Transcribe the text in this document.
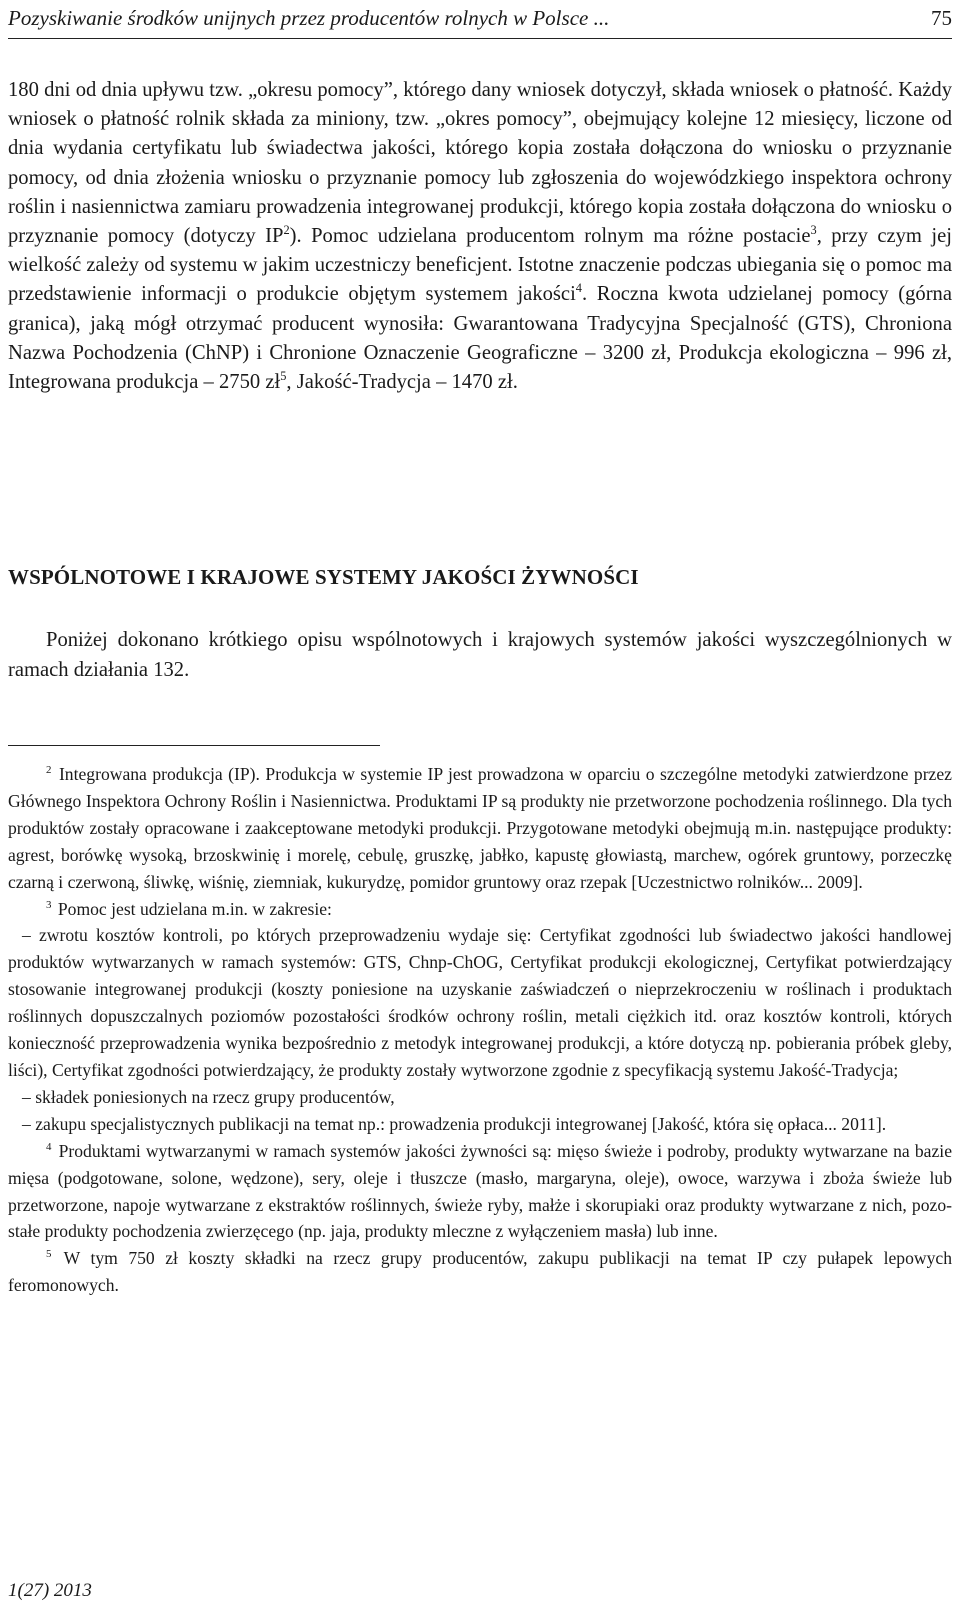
Pozyskiwanie środków unijnych przez producentów rolnych w Polsce ...	75

180 dni od dnia upływu tzw. „okresu pomocy”, którego dany wniosek dotyczył, składa wniosek o płatność. Każdy wniosek o płatność rolnik składa za miniony, tzw. „okres pomocy”, obejmujący kolejne 12 miesięcy, liczone od dnia wydania certyfikatu lub świadectwa jakości, którego kopia została dołączona do wniosku o przyznanie pomocy, od dnia złożenia wniosku o przyznanie pomocy lub zgłoszenia do wojewódzkiego inspektora ochrony roślin i nasiennictwa zamiaru prowadzenia integrowanej produkcji, którego kopia została dołączona do wniosku o przyznanie pomocy (dotyczy $IP^2$). Pomoc udzielana producentom rolnym ma różne postacie$^3$, przy czym jej wielkość zależy od systemu w jakim uczestniczy beneficjent. Istotne znaczenie podczas ubiegania się o pomoc ma przedstawienie informacji o produkcie objętym systemem jakości$^4$. Roczna kwota udzielanej pomocy (górna granica), jaką mógł otrzymać producent wynosiła: Gwarantowana Tradycyjna Specjalność (GTS), Chroniona Nazwa Pochodzenia (ChNP) i Chronione Oznaczenie Geograficzne – 3200 zł, Produkcja ekologiczna – 996 zł, Integrowana produkcja – 2750 $zł^5$, Jakość-Tradycja – 1470 zł.

WSPÓLNOTOWE I KRAJOWE SYSTEMY JAKOŚCI ŻYWNOŚCI
Poniżej dokonano krótkiego opisu wspólnotowych i krajowych systemów jakości wyszczególnionych w ramach działania 132.

$^2$ Integrowana produkcja (IP). Produkcja w systemie IP jest prowadzona w oparciu o szczególne metodyki zatwierdzone przez Głównego Inspektora Ochrony Roślin i Nasiennictwa. Produktami IP są produkty nie przetworzone pochodzenia roślinnego. Dla tych produktów zostały opracowane i zaakceptowane metodyki produkcji. Przygotowane metodyki obejmują m.in. następujące produkty: agrest, borówkę wysoką, brzoskwinię i morelę, cebulę, gruszkę, jabłko, kapustę głowiastą, marchew, ogórek gruntowy, porzeczkę czarną i czerwoną, śliwkę, wiśnię, ziemniak, kukurydzę, pomidor gruntowy oraz rzepak [Uczestnictwo rolników... 2009].

$^3$ Pomoc jest udzielana m.in. w zakresie:

– zwrotu kosztów kontroli, po których przeprowadzeniu wydaje się: Certyfikat zgodności lub świadectwo jakości handlowej produktów wytwarzanych w ramach systemów: GTS, Chnp-ChOG, Certyfikat produkcji ekologicznej, Certyfikat potwierdzający stosowanie integrowanej produkcji (koszty poniesione na uzyskanie zaświadczeń o nieprzekroczeniu w roślinach i produktach roślinnych dopuszczalnych poziomów pozostałości środków ochrony roślin, metali ciężkich itd. oraz kosztów kontroli, których konieczność przeprowadzenia wynika bezpośrednio z metodyk integrowanej produkcji, a które dotyczą np. pobierania próbek gleby, liści), Certyfikat zgodności potwierdzający, że produkty zostały wytworzone zgodnie z specyfikacją systemu Jakość-Tradycja;

– składek poniesionych na rzecz grupy producentów,

– zakupu specjalistycznych publikacji na temat np.: prowadzenia produkcji integrowanej [Jakość, która się opłaca... 2011].

$^4$ Produktami wytwarzanymi w ramach systemów jakości żywności są: mięso świeże i podroby, produkty wytwarzane na bazie mięsa (podgotowane, solone, wędzone), sery, oleje i tłuszcze (masło, margaryna, oleje), owoce, warzywa i zboża świeże lub przetworzone, napoje wytwarzane z ekstraktów roślinnych, świeże ryby, małże i skorupiaki oraz produkty wytwarzane z nich, pozostałe produkty pochodzenia zwierzęcego (np. jaja, produkty mleczne z wyłączeniem masła) lub inne.

$^5$ W tym 750 zł koszty składki na rzecz grupy producentów, zakupu publikacji na temat IP czy pułapek lepowych feromonowych.

1(27) 2013
